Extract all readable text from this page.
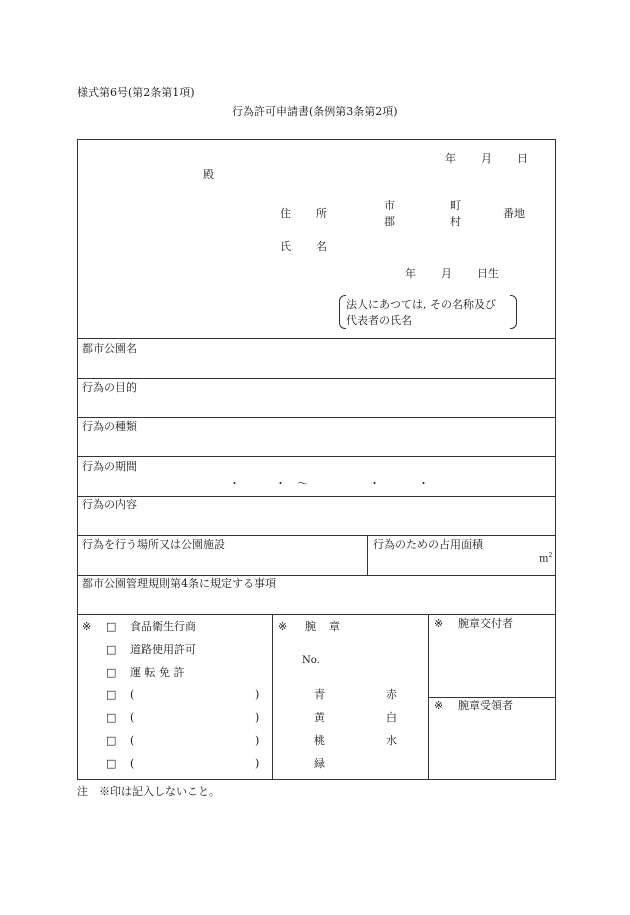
様式第6号(第2条第1項)
行為許可申請書(条例第3条第2項)
年 月 日
殿
住 所
市
郡
町
村
番地
氏 名
年 月 日生
法人にあつては, その名称及び
代表者の氏名
都市公園名
行為の目的
行為の種類
行為の期間
・	・ ～	・	・
行為の内容
行為を行う場所又は公園施設	行為のための占用面積
$m^2$
都市公園管理規則第4条に規定する事項
※ □ 食品衛生行商
□ 道路使用許可
□ 運 転 免 許
□ (	)
□ (	)
□ (	)
□ (	)
※ 腕 章
No.
青	赤
黄	白
桃	水
緑
※ 腕章交付者
※ 腕章受領者
注　※印は記入しないこと。
